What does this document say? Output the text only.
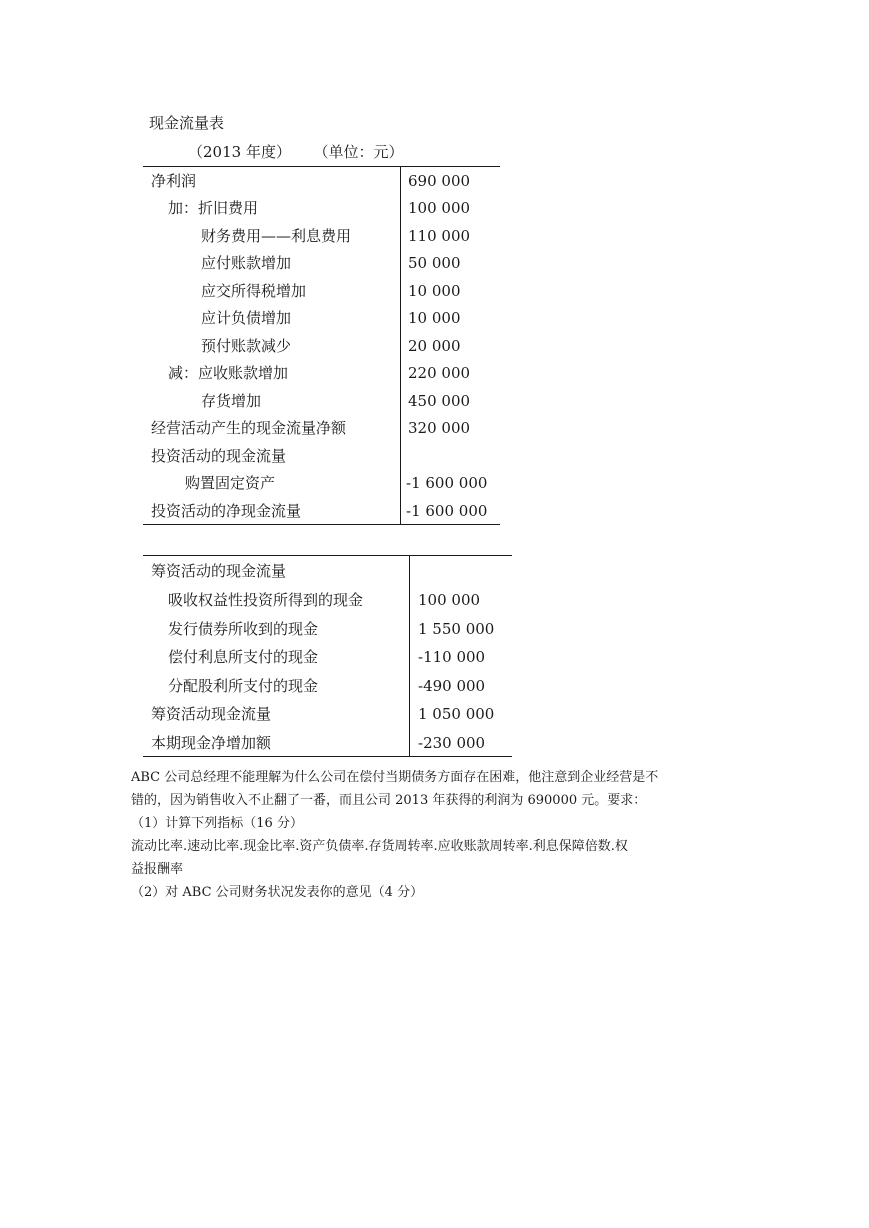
现金流量表
（2013 年度） （单位：元）
净利润	690 000
加：折旧费用	100 000
财务费用——利息费用	110 000
应付账款增加	50 000
应交所得税增加	10 000
应计负债增加	10 000
预付账款减少	20 000
减：应收账款增加	220 000
存货增加	450 000
经营活动产生的现金流量净额	320 000
投资活动的现金流量
购置固定资产	-1 600 000
投资活动的净现金流量	-1 600 000
筹资活动的现金流量
吸收权益性投资所得到的现金	100 000
发行债券所收到的现金	1 550 000
偿付利息所支付的现金	-110 000
分配股利所支付的现金	-490 000
筹资活动现金流量	1 050 000
本期现金净增加额	-230 000
ABC 公司总经理不能理解为什么公司在偿付当期债务方面存在困难，他注意到企业经营是不
错的，因为销售收入不止翻了一番，而且公司 2013 年获得的利润为 690000 元。要求：
（1）计算下列指标（16 分）
流动比率.速动比率.现金比率.资产负债率.存货周转率.应收账款周转率.利息保障倍数.权
益报酬率
（2）对 ABC 公司财务状况发表你的意见（4 分）
